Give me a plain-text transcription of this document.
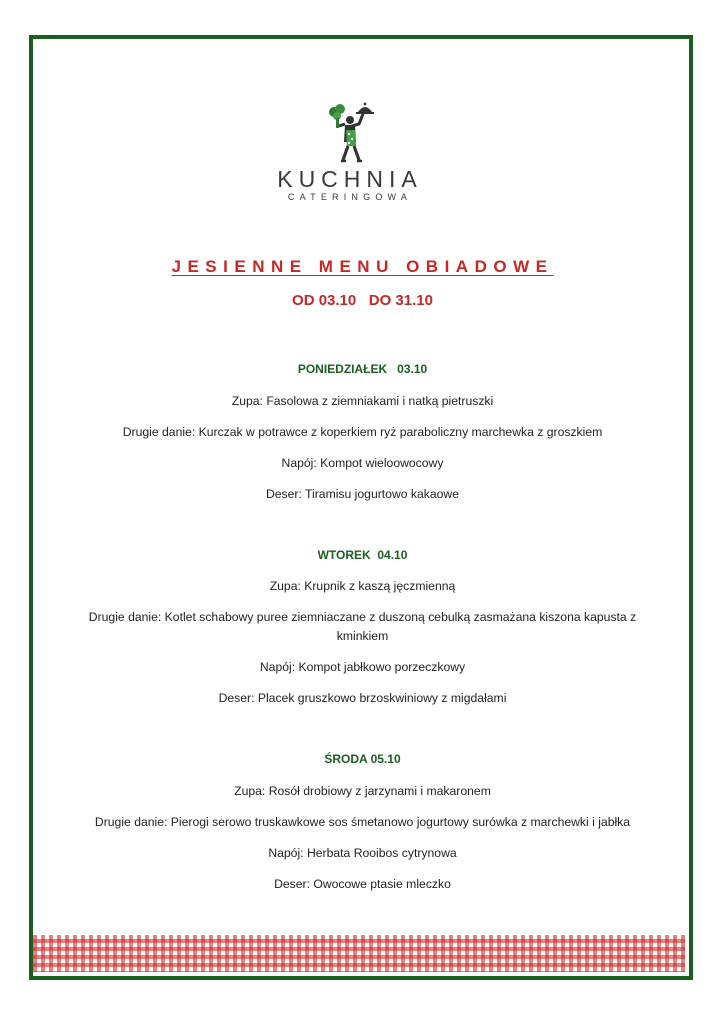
KUCHNIA
CATERINGOWA
JESIENNE MENU OBIADOWE
OD 03.10   DO 31.10
PONIEDZIAŁEK   03.10
Zupa: Fasolowa z ziemniakami i natką pietruszki
Drugie danie: Kurczak w potrawce z koperkiem ryż paraboliczny marchewka z groszkiem
Napój: Kompot wieloowocowy
Deser: Tiramisu jogurtowo kakaowe
WTOREK  04.10
Zupa: Krupnik z kaszą jęczmienną
Drugie danie: Kotlet schabowy puree ziemniaczane z duszoną cebulką zasmażana kiszona kapusta z kminkiem
Napój: Kompot jabłkowo porzeczkowy
Deser: Placek gruszkowo brzoskwiniowy z migdałami
ŚRODA 05.10
Zupa: Rosół drobiowy z jarzynami i makaronem
Drugie danie: Pierogi serowo truskawkowe sos śmetanowo jogurtowy surówka z marchewki i jabłka
Napój: Herbata Rooibos cytrynowa
Deser: Owocowe ptasie mleczko
